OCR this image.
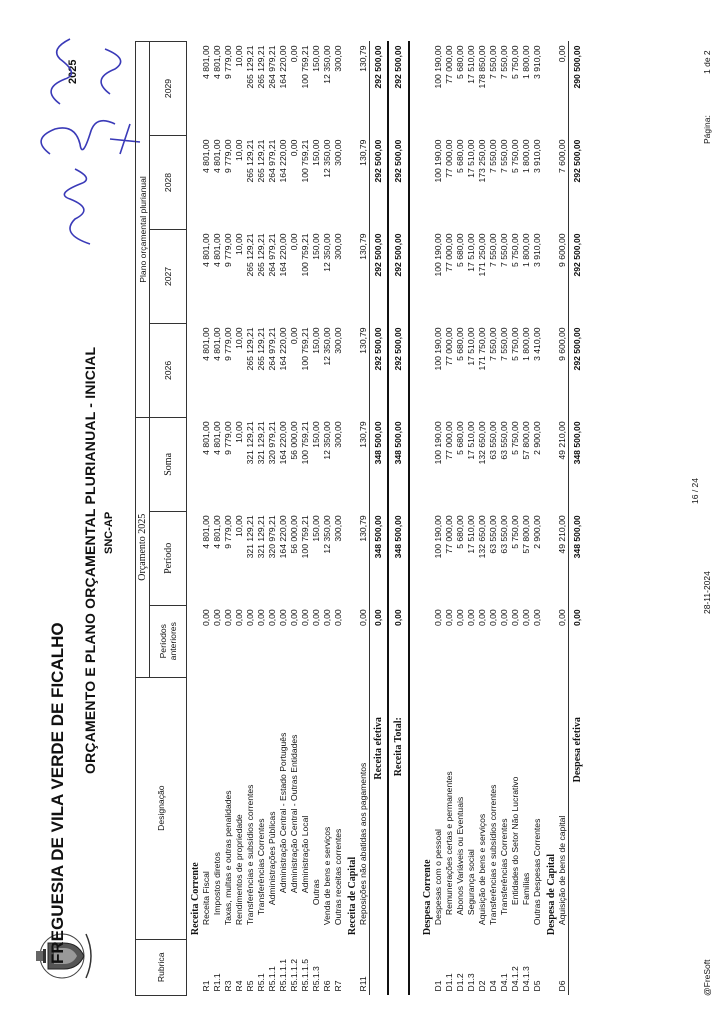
FREGUESIA DE VILA VERDE DE FICALHO
ORÇAMENTO E PLANO ORÇAMENTAL PLURIANUAL - INICIAL SNC-AP
2025
Rubrica	Designação	Orçamento 2025			Plano orçamental plurianual			
		Períodos anteriores	Período	Soma	2026	2027	2028	2029
	Receita Corrente							
R1	Receita Fiscal	0,00	4 801,00	4 801,00	4 801,00	4 801,00	4 801,00	4 801,00
R1.1	Impostos diretos	0,00	4 801,00	4 801,00	4 801,00	4 801,00	4 801,00	4 801,00
R3	Taxas, multas e outras penalidades	0,00	9 779,00	9 779,00	9 779,00	9 779,00	9 779,00	9 779,00
R4	Rendimentos de propriedade	0,00	10,00	10,00	10,00	10,00	10,00	10,00
R5	Transferências e subsídios correntes	0,00	321 129,21	321 129,21	265 129,21	265 129,21	265 129,21	265 129,21
R5.1	Transferências Correntes	0,00	321 129,21	321 129,21	265 129,21	265 129,21	265 129,21	265 129,21
R5.1.1	Administrações Públicas	0,00	320 979,21	320 979,21	264 979,21	264 979,21	264 979,21	264 979,21
R5.1.1.1	Administração Central - Estado Português	0,00	164 220,00	164 220,00	164 220,00	164 220,00	164 220,00	164 220,00
R5.1.1.2	Administração Central - Outras Entidades	0,00	56 000,00	56 000,00	0,00	0,00	0,00	0,00
R5.1.1.5	Administração Local	0,00	100 759,21	100 759,21	100 759,21	100 759,21	100 759,21	100 759,21
R5.1.3	Outras	0,00	150,00	150,00	150,00	150,00	150,00	150,00
R6	Venda de bens e serviços	0,00	12 350,00	12 350,00	12 350,00	12 350,00	12 350,00	12 350,00
R7	Outras receitas correntes	0,00	300,00	300,00	300,00	300,00	300,00	300,00
	Receita de Capital							
R11	Reposições não abatidas aos pagamentos	0,00	130,79	130,79	130,79	130,79	130,79	130,79
Receita efetiva		0,00	348 500,00	348 500,00	292 500,00	292 500,00	292 500,00	292 500,00
Receita Total:		0,00	348 500,00	348 500,00	292 500,00	292 500,00	292 500,00	292 500,00

	Despesa Corrente							
D1	Despesas com o pessoal	0,00	100 190,00	100 190,00	100 190,00	100 190,00	100 190,00	100 190,00
D1.1	Remunerações certas e permanentes	0,00	77 000,00	77 000,00	77 000,00	77 000,00	77 000,00	77 000,00
D1.2	Abonos Variáveis ou Eventuais	0,00	5 680,00	5 680,00	5 680,00	5 680,00	5 680,00	5 680,00
D1.3	Segurança social	0,00	17 510,00	17 510,00	17 510,00	17 510,00	17 510,00	17 510,00
D2	Aquisição de bens e serviços	0,00	132 650,00	132 650,00	171 750,00	171 250,00	173 250,00	178 850,00
D4	Transferências e subsídios correntes	0,00	63 550,00	63 550,00	7 550,00	7 550,00	7 550,00	7 550,00
D4.1	Transferências Correntes	0,00	63 550,00	63 550,00	7 550,00	7 550,00	7 550,00	7 550,00
D4.1.2	Entidades do Setor Não Lucrativo	0,00	5 750,00	5 750,00	5 750,00	5 750,00	5 750,00	5 750,00
D4.1.3	Famílias	0,00	57 800,00	57 800,00	1 800,00	1 800,00	1 800,00	1 800,00
D5	Outras Despesas Correntes	0,00	2 900,00	2 900,00	3 410,00	3 910,00	3 910,00	3 910,00
	Despesa de Capital							
D6	Aquisição de bens de capital	0,00	49 210,00	49 210,00	9 600,00	9 600,00	7 600,00	0,00
Despesa efetiva		0,00	348 500,00	348 500,00	292 500,00	292 500,00	292 500,00	290 500,00
@FreSoft
28-11-2024
16 / 24
Página:
1 de 2
